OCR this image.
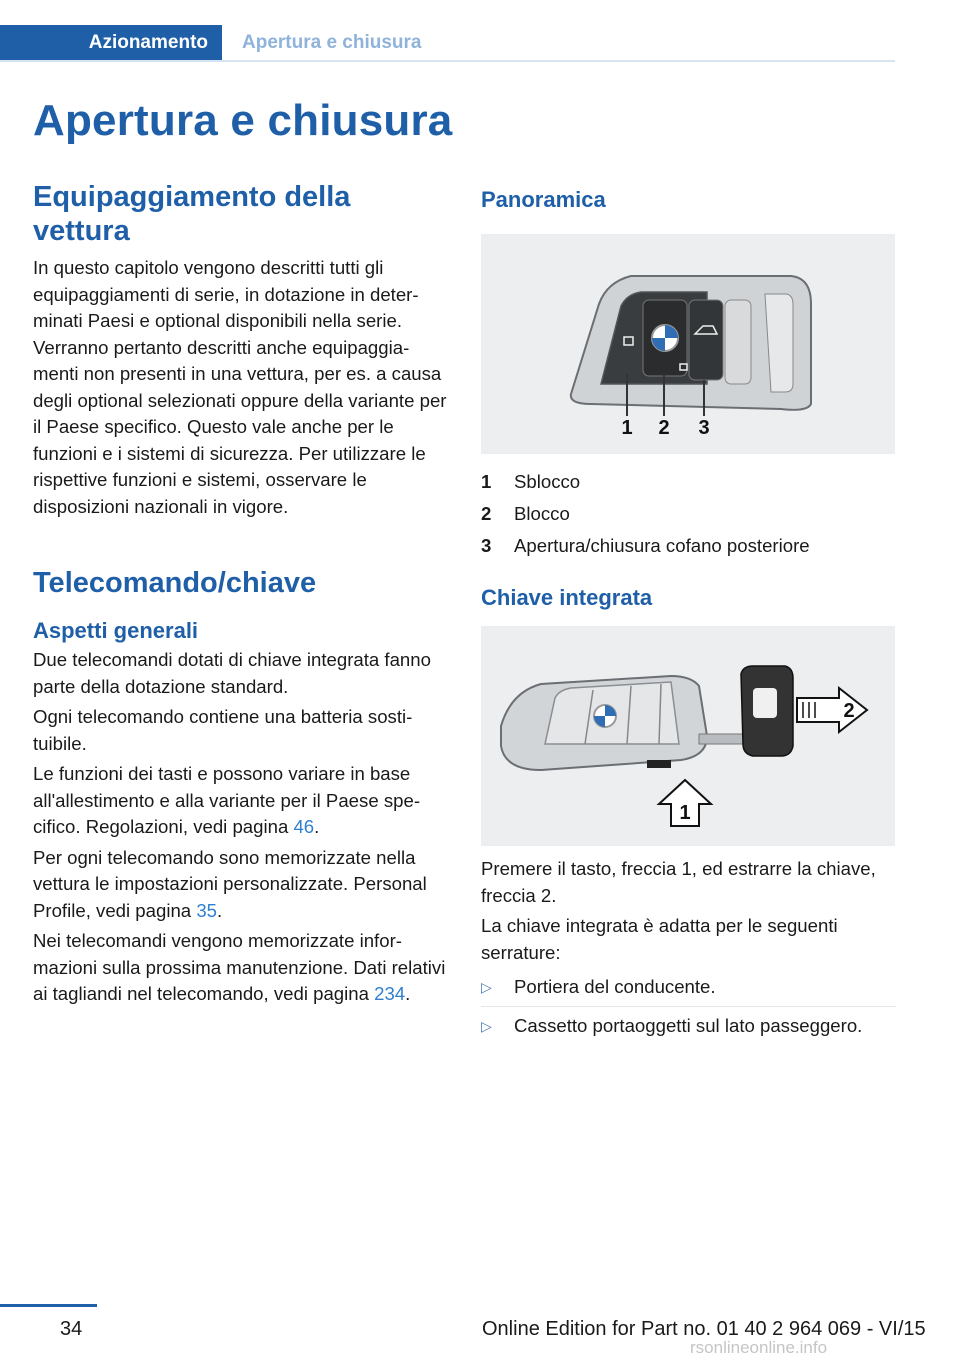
Azionamento Apertura e chiusura
Apertura e chiusura
Equipaggiamento della vettura

In questo capitolo vengono descritti tutti gli equipaggiamenti di serie, in dotazione in determinati Paesi e optional disponibili nella serie. Verranno pertanto descritti anche equipaggiamenti non presenti in una vettura, per es. a causa degli optional selezionati oppure della variante per il Paese specifico. Questo vale anche per le funzioni e i sistemi di sicurezza. Per utilizzare le rispettive funzioni e sistemi, osservare le disposizioni nazionali in vigore.

Telecomando/chiave
Aspetti generali

Due telecomandi dotati di chiave integrata fanno parte della dotazione standard.

Ogni telecomando contiene una batteria sostituibile.

Le funzioni dei tasti e possono variare in base all'allestimento e alla variante per il Paese specifico. Regolazioni, vedi pagina 46.

Per ogni telecomando sono memorizzate nella vettura le impostazioni personalizzate. Personal Profile, vedi pagina 35.

Nei telecomandi vengono memorizzate informazioni sulla prossima manutenzione. Dati relativi ai tagliandi nel telecomando, vedi pagina 234.

Panoramica
1 2 3
1	Sblocco
2	Blocco
3	Apertura/chiusura cofano posteriore
Chiave integrata
2
1

Premere il tasto, freccia 1, ed estrarre la chiave, freccia 2.

La chiave integrata è adatta per le seguenti serrature:

▷	Portiera del conducente.
▷	Cassetto portaoggetti sul lato passeggero.
34	Online Edition for Part no. 01 40 2 964 069 - VI/15
rsonlineonline.info
